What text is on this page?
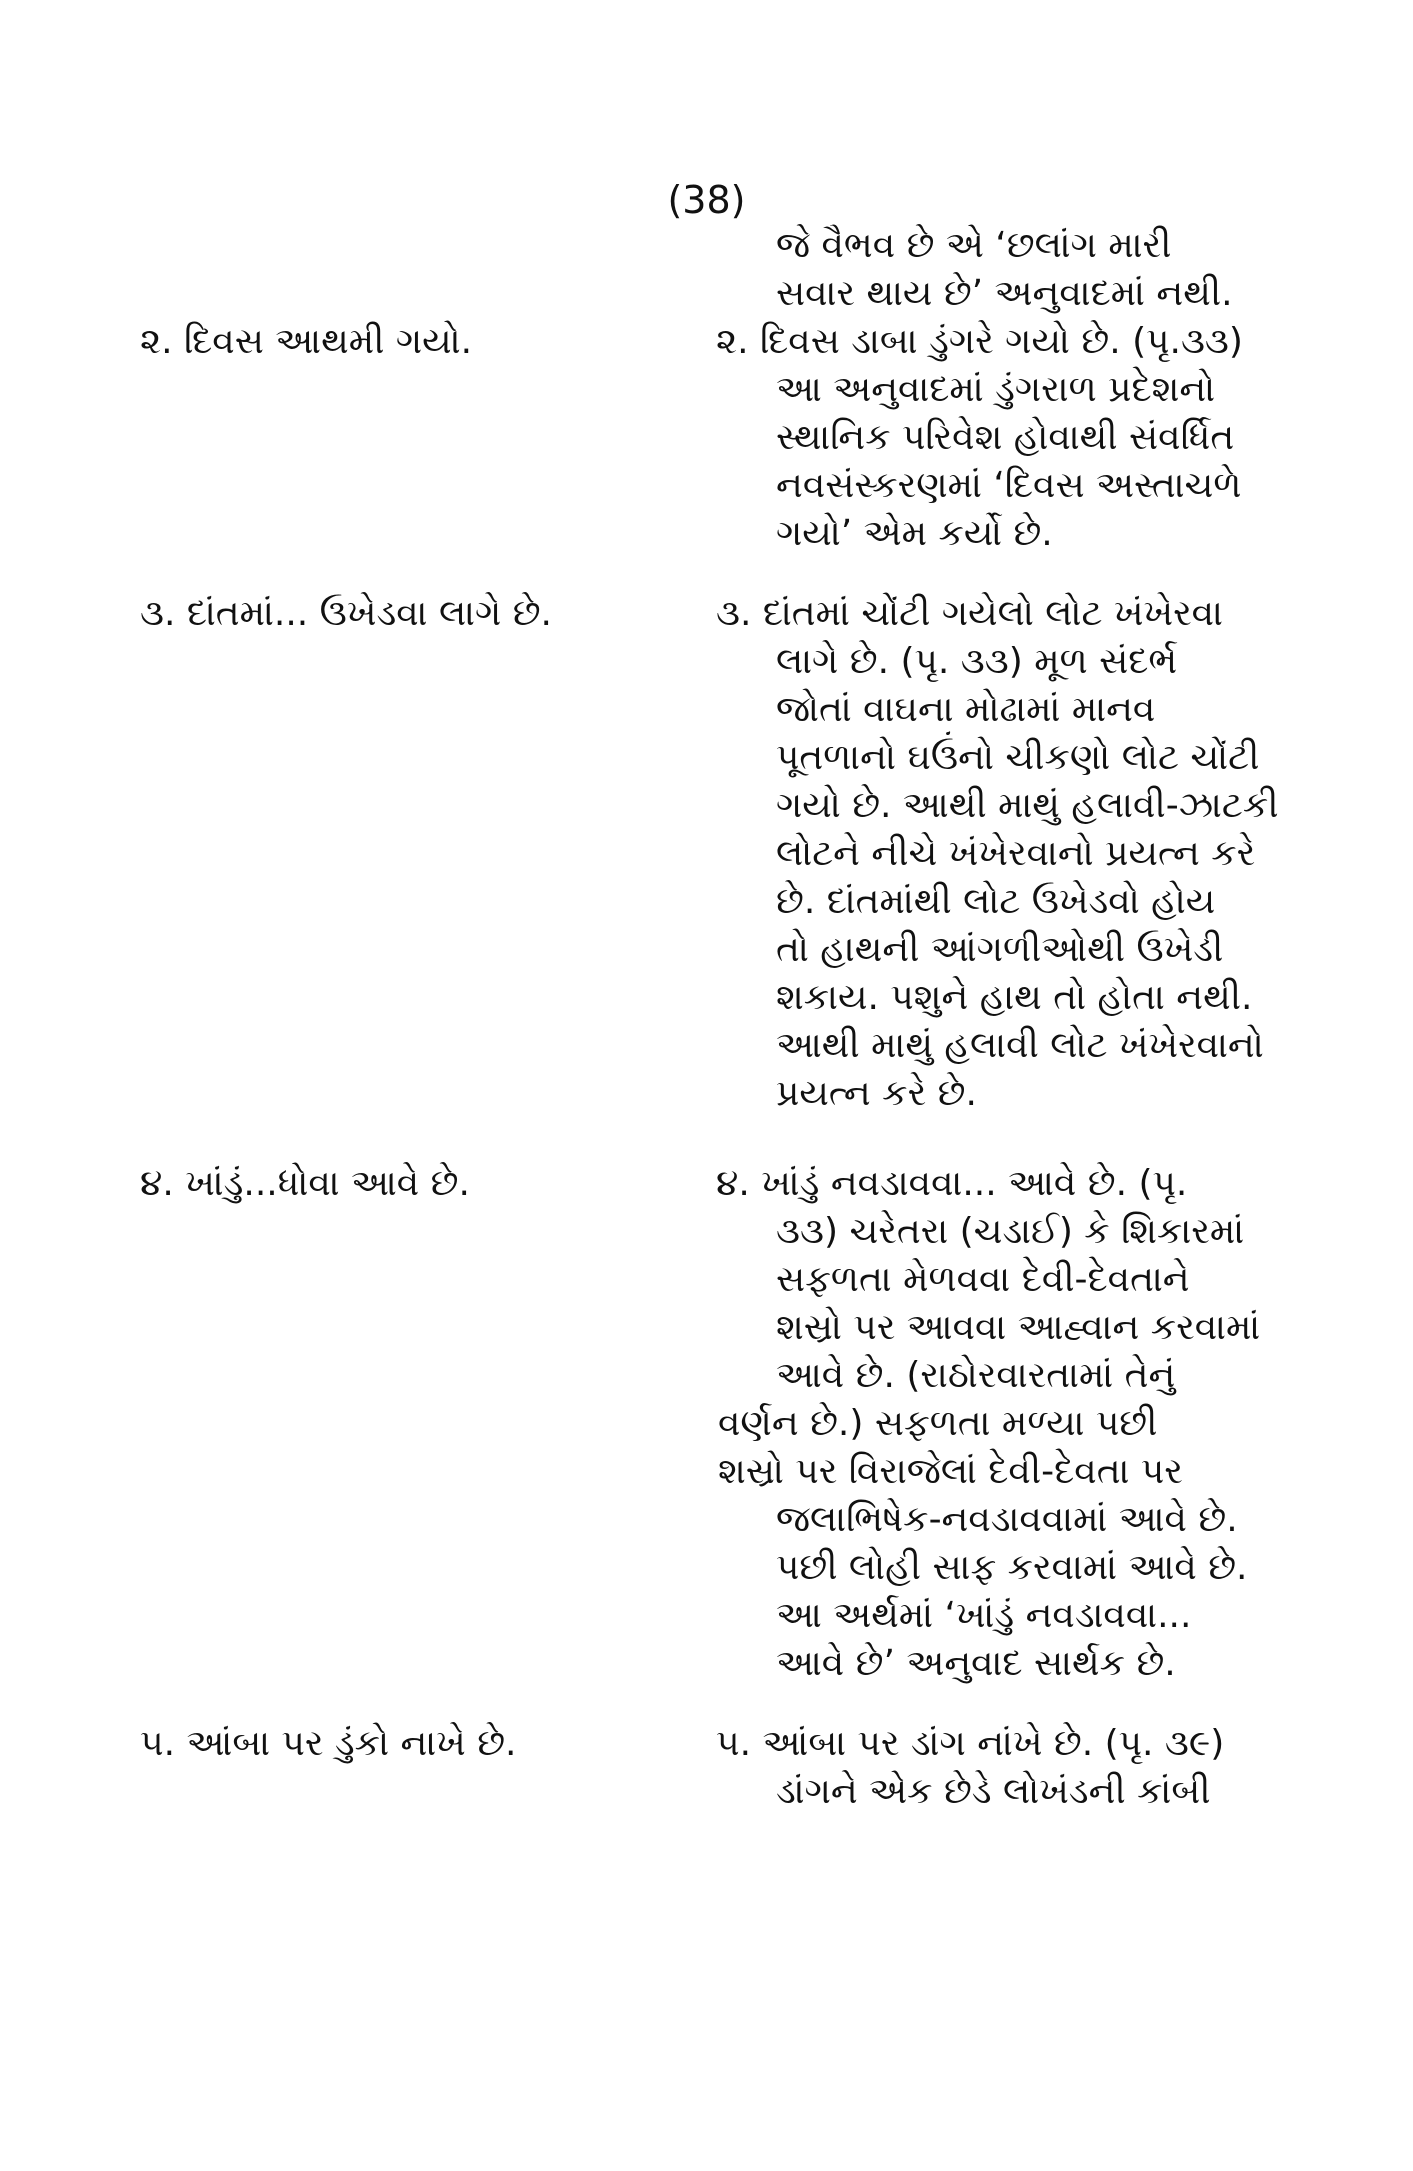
(38)
જે વૈભવ છે એ ‘છલાંગ મારી
સવાર થાય છે’ અનુવાદમાં નથી.
૨. દિવસ આથમી ગયો.	૨. દિવસ ડાબા ડુંગરે ગયો છે. (પૃ.૩૩)
આ અનુવાદમાં ડુંગરાળ પ્રદેશનો
સ્થાનિક પરિવેશ હોવાથી સંવર્ધિત
નવસંસ્કરણમાં ‘દિવસ અસ્તાચળે
ગયો’ એમ કર્યો છે.
૩. દાંતમાં... ઉખેડવા લાગે છે.	૩. દાંતમાં ચોંટી ગયેલો લોટ ખંખેરવા
લાગે છે. (પૃ. ૩૩) મૂળ સંદર્ભ
જોતાં વાઘના મોઢામાં માનવ
પૂતળાનો ઘઉંનો ચીકણો લોટ ચોંટી
ગયો છે. આથી માથું હલાવી-ઝાટકી
લોટને નીચે ખંખેરવાનો પ્રયત્ન કરે
છે. દાંતમાંથી લોટ ઉખેડવો હોય
તો હાથની આંગળીઓથી ઉખેડી
શકાય. પશુને હાથ તો હોતા નથી.
આથી માથું હલાવી લોટ ખંખેરવાનો
પ્રયત્ન કરે છે.
૪. ખાંડું...ધોવા આવે છે.	૪. ખાંડું નવડાવવા... આવે છે. (પૃ.
૩૩) ચરેતરા (ચડાઈ) કે શિકારમાં
સફળતા મેળવવા દેવી-દેવતાને
શસ્રો પર આવવા આહ્વાન કરવામાં
આવે છે. (રાઠોરવારતામાં તેનું
વર્ણન છે.) સફળતા મળ્યા પછી
શસ્રો પર વિરાજેલાં દેવી-દેવતા પર
જલાભિષેક-નવડાવવામાં આવે છે.
પછી લોહી સાફ કરવામાં આવે છે.
આ અર્થમાં ‘ખાંડું નવડાવવા...
આવે છે’ અનુવાદ સાર્થક છે.
૫. આંબા પર ડુંકો નાખે છે.	૫. આંબા પર ડાંગ નાંખે છે. (પૃ. ૩૯)
ડાંગને એક છેડે લોખંડની કાંબી
